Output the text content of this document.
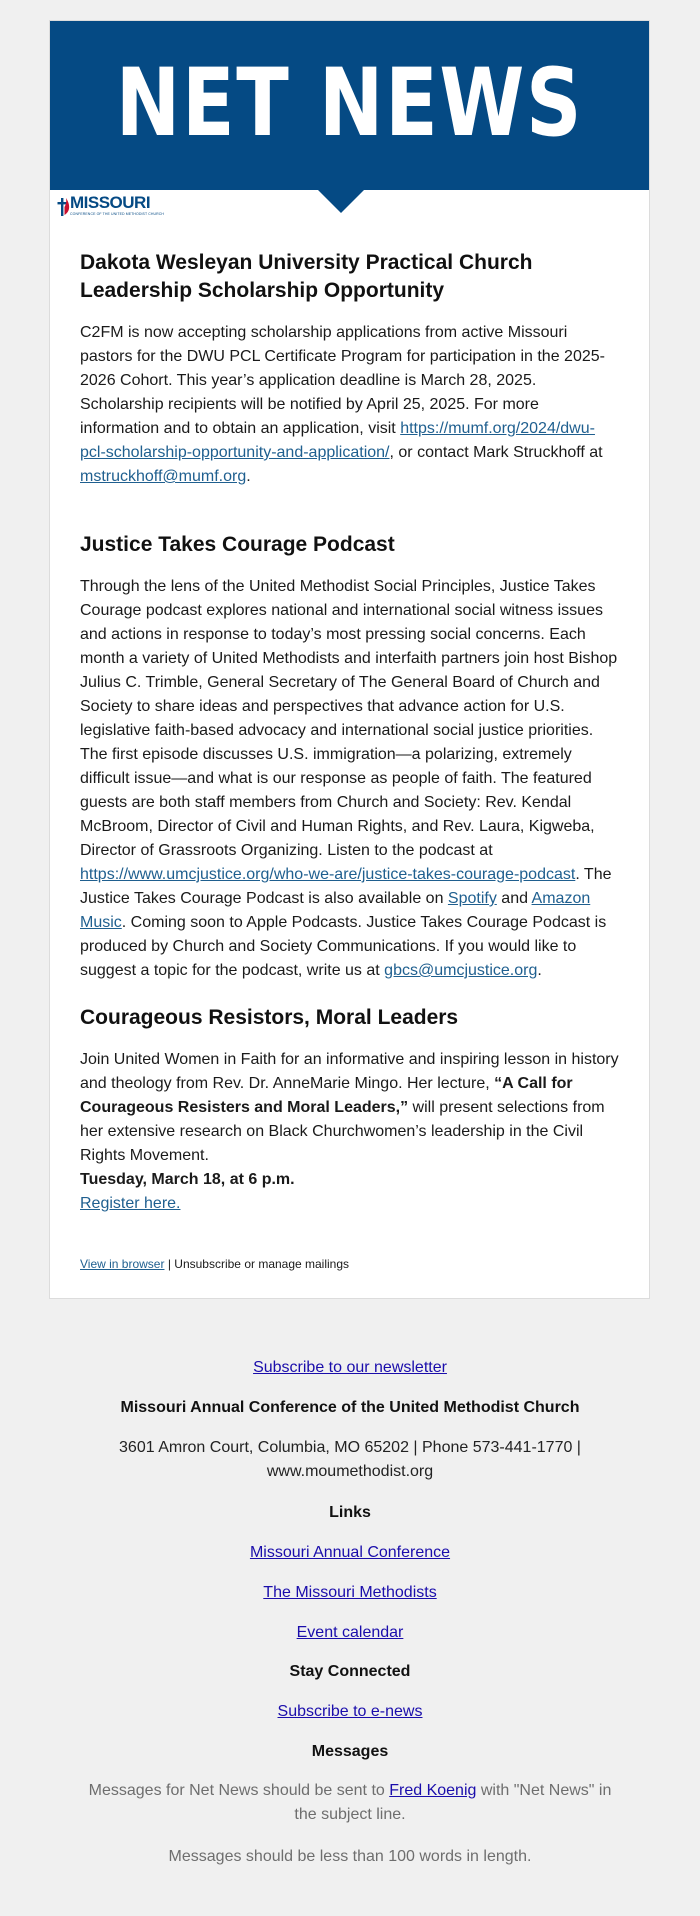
NET NEWS
MISSOURI
CONFERENCE OF THE UNITED METHODIST CHURCH
Dakota Wesleyan University Practical Church Leadership Scholarship Opportunity

C2FM is now accepting scholarship applications from active Missouri pastors for the DWU PCL Certificate Program for participation in the 2025-2026 Cohort. This year’s application deadline is March 28, 2025. Scholarship recipients will be notified by April 25, 2025. For more information and to obtain an application, visit https://mumf.org/2024/dwu-pcl-scholarship-opportunity-and-application/, or contact Mark Struckhoff at mstruckhoff@mumf.org.

Justice Takes Courage Podcast

Through the lens of the United Methodist Social Principles, Justice Takes Courage podcast explores national and international social witness issues and actions in response to today’s most pressing social concerns. Each month a variety of United Methodists and interfaith partners join host Bishop Julius C. Trimble, General Secretary of The General Board of Church and Society to share ideas and perspectives that advance action for U.S. legislative faith-based advocacy and international social justice priorities. The first episode discusses U.S. immigration—a polarizing, extremely difficult issue—and what is our response as people of faith. The featured guests are both staff members from Church and Society: Rev. Kendal McBroom, Director of Civil and Human Rights, and Rev. Laura, Kigweba, Director of Grassroots Organizing. Listen to the podcast at https://www.umcjustice.org/who-we-are/justice-takes-courage-podcast. The Justice Takes Courage Podcast is also available on Spotify and Amazon Music. Coming soon to Apple Podcasts. Justice Takes Courage Podcast is produced by Church and Society Communications. If you would like to suggest a topic for the podcast, write us at gbcs@umcjustice.org.

Courageous Resistors, Moral Leaders

Join United Women in Faith for an informative and inspiring lesson in history and theology from Rev. Dr. AnneMarie Mingo. Her lecture, “A Call for Courageous Resisters and Moral Leaders,” will present selections from her extensive research on Black Churchwomen’s leadership in the Civil Rights Movement.
Tuesday, March 18, at 6 p.m.
Register here.

View in browser | Unsubscribe or manage mailings
Subscribe to our newsletter
Missouri Annual Conference of the United Methodist Church
3601 Amron Court, Columbia, MO 65202 | Phone 573-441-1770 | www.moumethodist.org
Links
Missouri Annual Conference
The Missouri Methodists
Event calendar
Stay Connected
Subscribe to e-news
Messages
Messages for Net News should be sent to Fred Koenig with "Net News" in the subject line.
Messages should be less than 100 words in length.
